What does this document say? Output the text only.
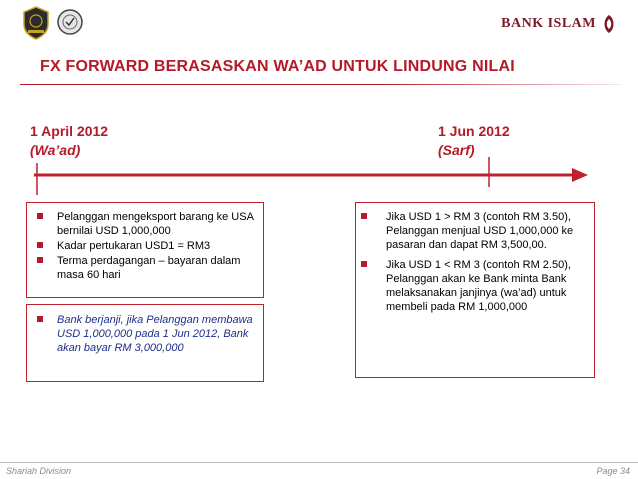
BANK ISLAM
FX FORWARD BERASASKAN WA’AD UNTUK LINDUNG NILAI
1 April 2012
(Wa’ad)
1 Jun 2012
(Sarf)
Pelanggan mengeksport barang ke USA bernilai USD 1,000,000
Kadar pertukaran USD1 = RM3
Terma perdagangan – bayaran dalam masa 60 hari
Bank berjanji, jika Pelanggan membawa USD 1,000,000 pada 1 Jun 2012, Bank akan bayar RM 3,000,000
Jika USD 1 > RM 3 (contoh RM 3.50), Pelanggan menjual USD 1,000,000 ke pasaran dan dapat RM 3,500,00.
Jika USD 1 < RM 3 (contoh RM 2.50), Pelanggan akan ke Bank minta Bank melaksanakan janjinya (wa’ad) untuk membeli pada RM 1,000,000
Shariah Division	Page 34
